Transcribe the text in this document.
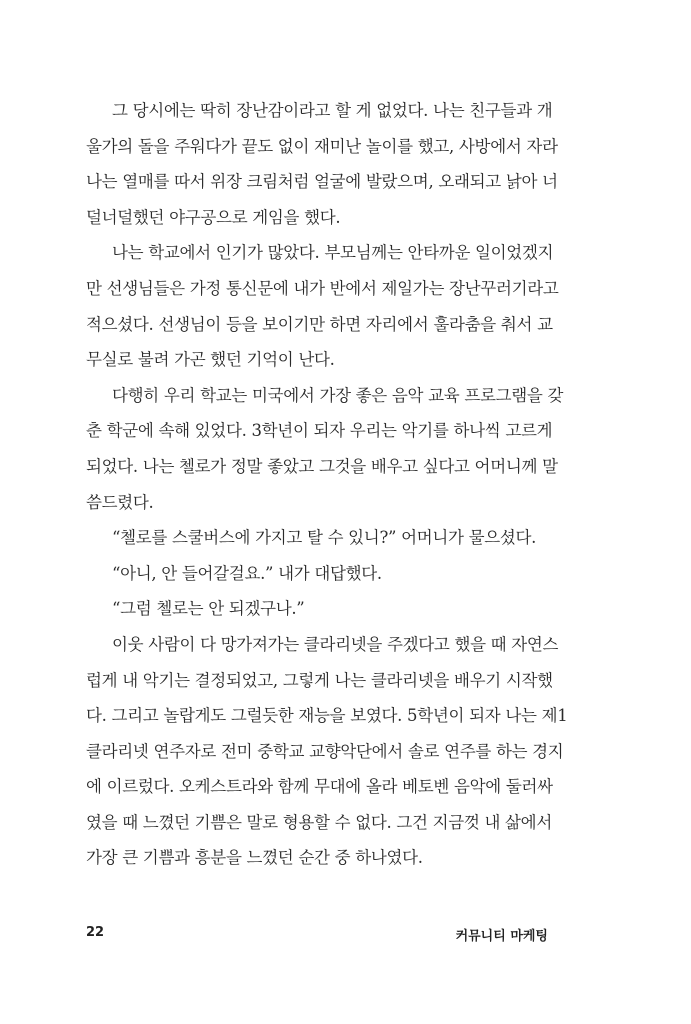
그 당시에는 딱히 장난감이라고 할 게 없었다. 나는 친구들과 개
울가의 돌을 주워다가 끝도 없이 재미난 놀이를 했고, 사방에서 자라
나는 열매를 따서 위장 크림처럼 얼굴에 발랐으며, 오래되고 낡아 너
덜너덜했던 야구공으로 게임을 했다.
나는 학교에서 인기가 많았다. 부모님께는 안타까운 일이었겠지
만 선생님들은 가정 통신문에 내가 반에서 제일가는 장난꾸러기라고
적으셨다. 선생님이 등을 보이기만 하면 자리에서 훌라춤을 춰서 교
무실로 불려 가곤 했던 기억이 난다.
다행히 우리 학교는 미국에서 가장 좋은 음악 교육 프로그램을 갖
춘 학군에 속해 있었다. 3학년이 되자 우리는 악기를 하나씩 고르게
되었다. 나는 첼로가 정말 좋았고 그것을 배우고 싶다고 어머니께 말
씀드렸다.
“첼로를 스쿨버스에 가지고 탈 수 있니?” 어머니가 물으셨다.
“아니, 안 들어갈걸요.” 내가 대답했다.
“그럼 첼로는 안 되겠구나.”
이웃 사람이 다 망가져가는 클라리넷을 주겠다고 했을 때 자연스
럽게 내 악기는 결정되었고, 그렇게 나는 클라리넷을 배우기 시작했
다. 그리고 놀랍게도 그럴듯한 재능을 보였다. 5학년이 되자 나는 제1
클라리넷 연주자로 전미 중학교 교향악단에서 솔로 연주를 하는 경지
에 이르렀다. 오케스트라와 함께 무대에 올라 베토벤 음악에 둘러싸
였을 때 느꼈던 기쁨은 말로 형용할 수 없다. 그건 지금껏 내 삶에서
가장 큰 기쁨과 흥분을 느꼈던 순간 중 하나였다.
22	커뮤니티 마케팅
